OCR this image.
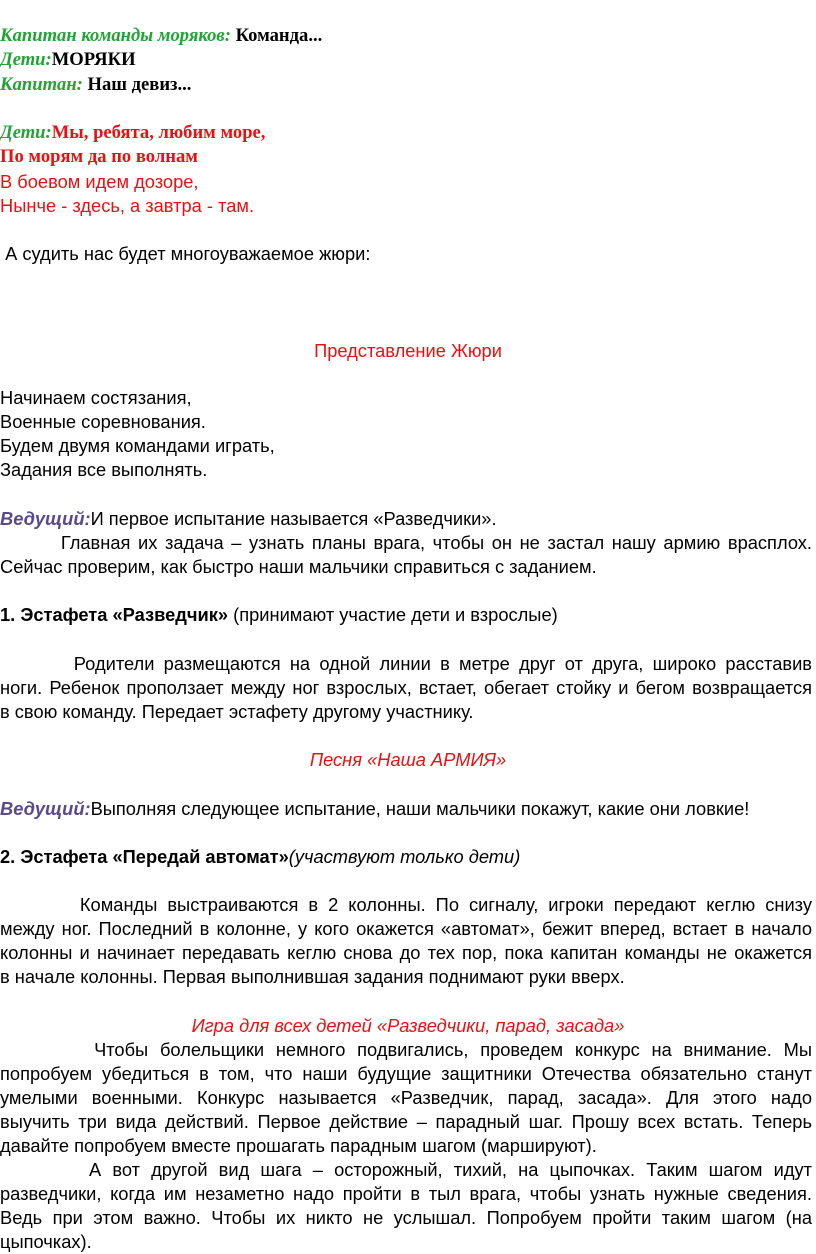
Капитан команды моряков: Команда...
Дети:МОРЯКИ
Капитан: Наш девиз...
Дети:Мы, ребята, любим море,
По морям да по волнам
В боевом идем дозоре,
Нынче - здесь, а завтра - там.
А судить нас будет многоуважаемое жюри:
Представление Жюри
Начинаем состязания,
Военные соревнования.
Будем двумя командами играть,
Задания все выполнять.
Ведущий:И первое испытание называется «Разведчики».
Главная их задача – узнать планы врага, чтобы он не застал нашу армию врасплох.
Сейчас проверим, как быстро наши мальчики справиться с заданием.
1. Эстафета «Разведчик» (принимают участие дети и взрослые)
Родители размещаются на одной линии в метре друг от друга, широко расставив
ноги. Ребенок проползает между ног взрослых, встает, обегает стойку и бегом возвращается
в свою команду. Передает эстафету другому участнику.
Песня «Наша АРМИЯ»
Ведущий:Выполняя следующее испытание, наши мальчики покажут, какие они ловкие!
2. Эстафета «Передай автомат»(участвуют только дети)
Команды выстраиваются в 2 колонны. По сигналу, игроки передают кеглю снизу
между ног. Последний в колонне, у кого окажется «автомат», бежит вперед, встает в начало
колонны и начинает передавать кеглю снова до тех пор, пока капитан команды не окажется
в начале колонны. Первая выполнившая задания поднимают руки вверх.
Игра для всех детей «Разведчики, парад, засада»
Чтобы болельщики немного подвигались, проведем конкурс на внимание. Мы
попробуем убедиться в том, что наши будущие защитники Отечества обязательно станут
умелыми военными. Конкурс называется «Разведчик, парад, засада». Для этого надо
выучить три вида действий. Первое действие – парадный шаг. Прошу всех встать. Теперь
давайте попробуем вместе прошагать парадным шагом (маршируют).
А вот другой вид шага – осторожный, тихий, на цыпочках. Таким шагом идут
разведчики, когда им незаметно надо пройти в тыл врага, чтобы узнать нужные сведения.
Ведь при этом важно. Чтобы их никто не услышал. Попробуем пройти таким шагом (на
цыпочках).
